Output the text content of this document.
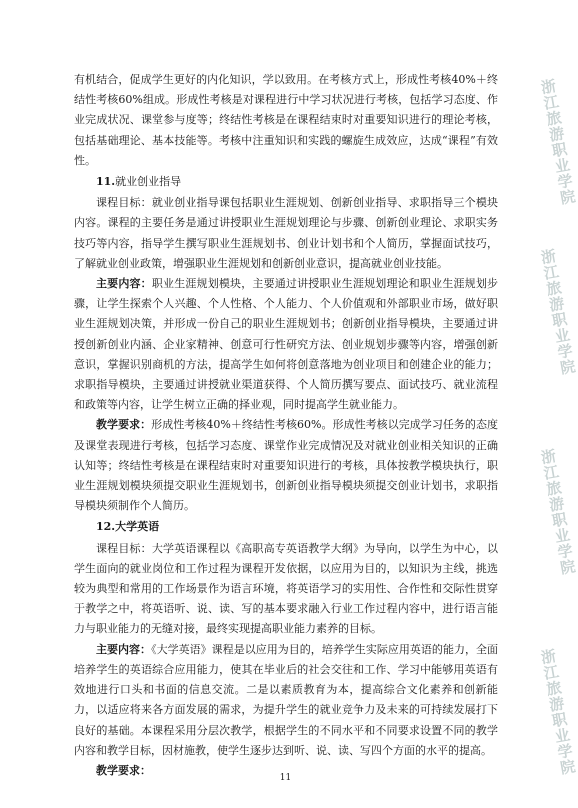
有机结合，促成学生更好的内化知识，学以致用。在考核方式上，形成性考核40%＋终结性考核60%组成。形成性考核是对课程进行中学习状况进行考核，包括学习态度、作业完成状况、课堂参与度等；终结性考核是在课程结束时对重要知识进行的理论考核，包括基础理论、基本技能等。考核中注重知识和实践的螺旋生成效应，达成“课程”有效性。

11.就业创业指导

课程目标：就业创业指导课包括职业生涯规划、创新创业指导、求职指导三个模块内容。课程的主要任务是通过讲授职业生涯规划理论与步骤、创新创业理论、求职实务技巧等内容，指导学生撰写职业生涯规划书、创业计划书和个人简历，掌握面试技巧，了解就业创业政策，增强职业生涯规划和创新创业意识，提高就业创业技能。

主要内容：职业生涯规划模块，主要通过讲授职业生涯规划理论和职业生涯规划步骤，让学生探索个人兴趣、个人性格、个人能力、个人价值观和外部职业市场，做好职业生涯规划决策，并形成一份自己的职业生涯规划书；创新创业指导模块，主要通过讲授创新创业内涵、企业家精神、创意可行性研究方法、创业规划步骤等内容，增强创新意识，掌握识别商机的方法，提高学生如何将创意落地为创业项目和创建企业的能力；求职指导模块，主要通过讲授就业渠道获得、个人简历撰写要点、面试技巧、就业流程和政策等内容，让学生树立正确的择业观，同时提高学生就业能力。

教学要求：形成性考核40%＋终结性考核60%。形成性考核以完成学习任务的态度及课堂表现进行考核，包括学习态度、课堂作业完成情况及对就业创业相关知识的正确认知等；终结性考核是在课程结束时对重要知识进行的考核，具体按教学模块执行，职业生涯规划模块须提交职业生涯规划书，创新创业指导模块须提交创业计划书，求职指导模块须制作个人简历。

12.大学英语

课程目标：大学英语课程以《高职高专英语教学大纲》为导向，以学生为中心，以学生面向的就业岗位和工作过程为课程开发依据，以应用为目的，以知识为主线，挑选较为典型和常用的工作场景作为语言环境，将英语学习的实用性、合作性和交际性贯穿于教学之中，将英语听、说、读、写的基本要求融入行业工作过程内容中，进行语言能力与职业能力的无缝对接，最终实现提高职业能力素养的目标。

主要内容：《大学英语》课程是以应用为目的，培养学生实际应用英语的能力，全面培养学生的英语综合应用能力，使其在毕业后的社会交往和工作、学习中能够用英语有效地进行口头和书面的信息交流。二是以素质教育为本，提高综合文化素养和创新能力，以适应将来各方面发展的需求，为提升学生的就业竞争力及未来的可持续发展打下良好的基础。本课程采用分层次教学，根据学生的不同水平和不同要求设置不同的教学内容和教学目标，因材施教，使学生逐步达到听、说、读、写四个方面的水平的提高。

教学要求：

11
浙江旅游职业学院
浙江旅游职业学院
浙江旅游职业学院
浙江旅游职业学院
